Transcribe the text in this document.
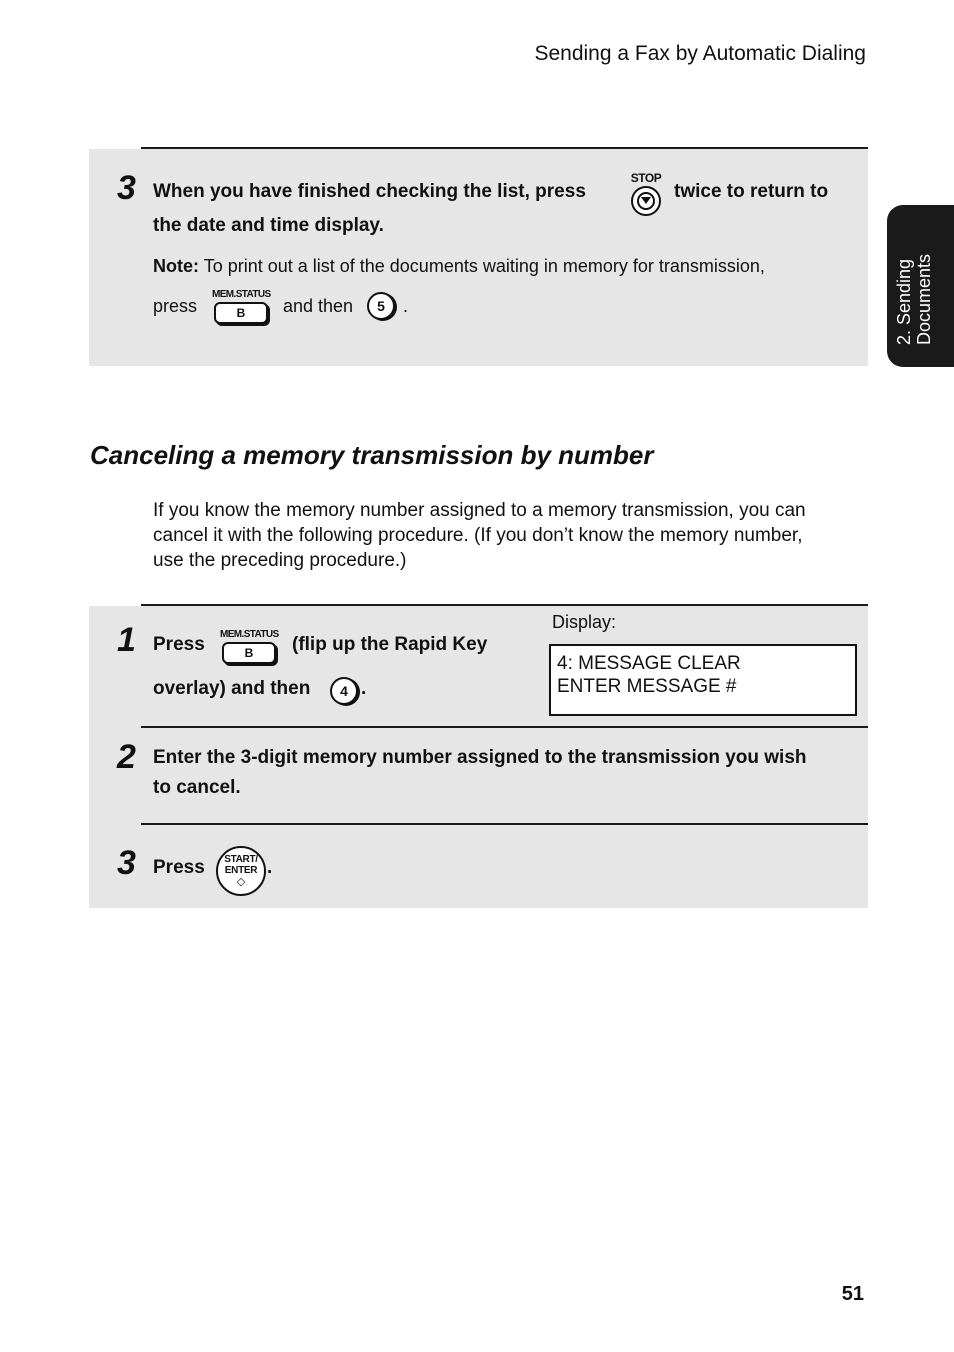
Sending a Fax by Automatic Dialing
2. Sending Documents
3 When you have finished checking the list, press
STOP
twice to return to
the date and time display.
Note: To print out a list of the documents waiting in memory for transmission,
press
MEM.STATUS
B	and then	5	.
Canceling a memory transmission by number
If you know the memory number assigned to a memory transmission, you can
cancel it with the following procedure. (If you don’t know the memory number,
use the preceding procedure.)
1 Press MEM.STATUS
B	(flip up the Rapid Key
overlay) and then	4 .
Display:
4: MESSAGE CLEAR
ENTER MESSAGE #
2 Enter the 3-digit memory number assigned to the transmission you wish
to cancel.
3 Press	START/
ENTER
◇
.
51
